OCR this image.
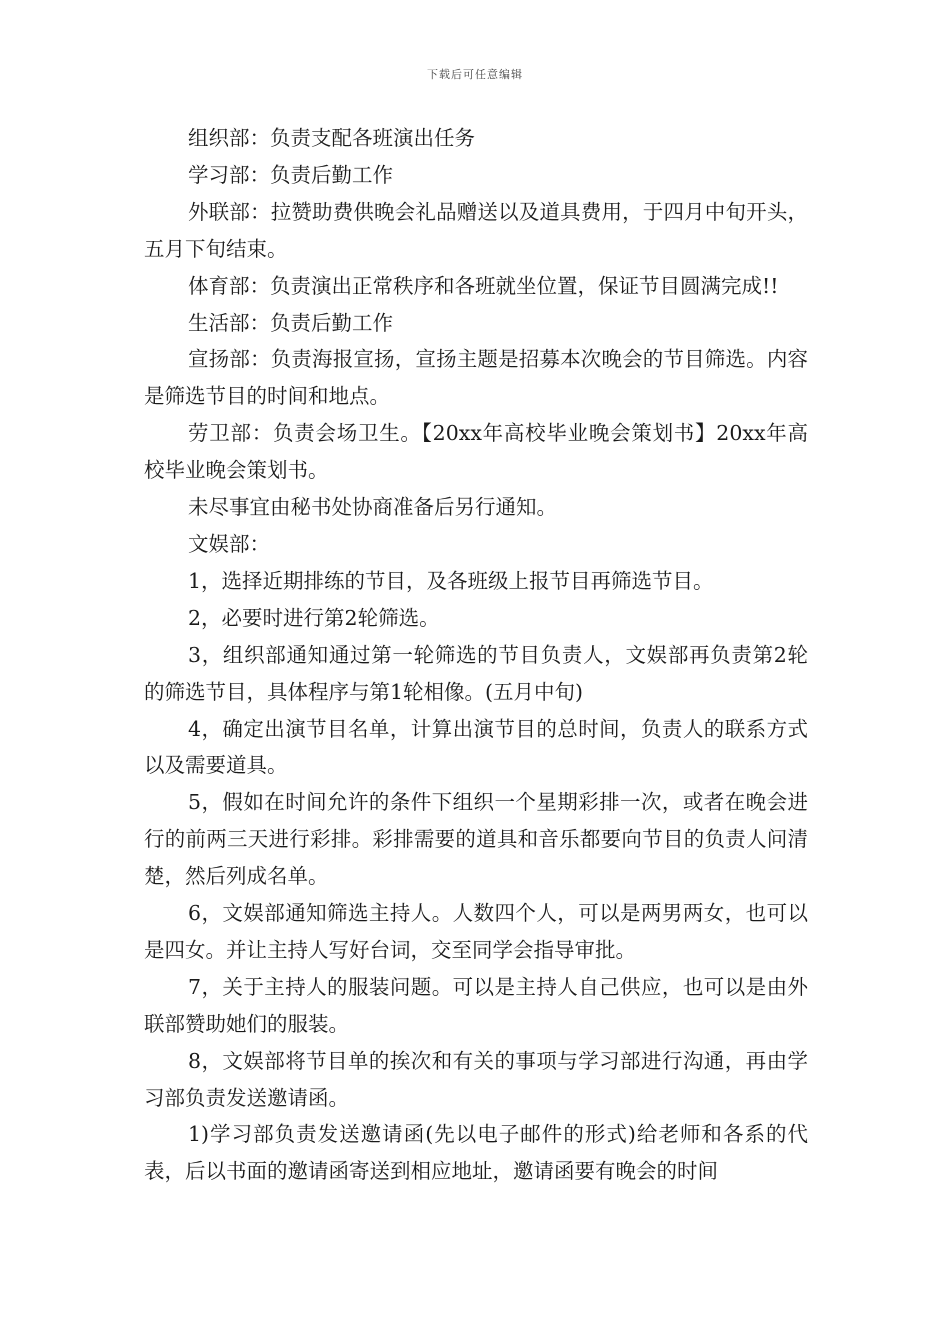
下载后可任意编辑

组织部：负责支配各班演出任务

学习部：负责后勤工作

外联部：拉赞助费供晚会礼品赠送以及道具费用，于四月中旬开头，五月下旬结束。

体育部：负责演出正常秩序和各班就坐位置，保证节目圆满完成!!

生活部：负责后勤工作

宣扬部：负责海报宣扬，宣扬主题是招募本次晚会的节目筛选。内容是筛选节目的时间和地点。

劳卫部：负责会场卫生。【20xx年高校毕业晚会策划书】20xx年高校毕业晚会策划书。

未尽事宜由秘书处协商准备后另行通知。

文娱部：

1，选择近期排练的节目，及各班级上报节目再筛选节目。

2，必要时进行第2轮筛选。

3，组织部通知通过第一轮筛选的节目负责人，文娱部再负责第2轮的筛选节目，具体程序与第1轮相像。(五月中旬)

4，确定出演节目名单，计算出演节目的总时间，负责人的联系方式以及需要道具。

5，假如在时间允许的条件下组织一个星期彩排一次，或者在晚会进行的前两三天进行彩排。彩排需要的道具和音乐都要向节目的负责人问清楚，然后列成名单。

6，文娱部通知筛选主持人。人数四个人，可以是两男两女，也可以是四女。并让主持人写好台词，交至同学会指导审批。

7，关于主持人的服装问题。可以是主持人自己供应，也可以是由外联部赞助她们的服装。

8，文娱部将节目单的挨次和有关的事项与学习部进行沟通，再由学习部负责发送邀请函。

1)学习部负责发送邀请函(先以电子邮件的形式)给老师和各系的代表，后以书面的邀请函寄送到相应地址，邀请函要有晚会的时间
